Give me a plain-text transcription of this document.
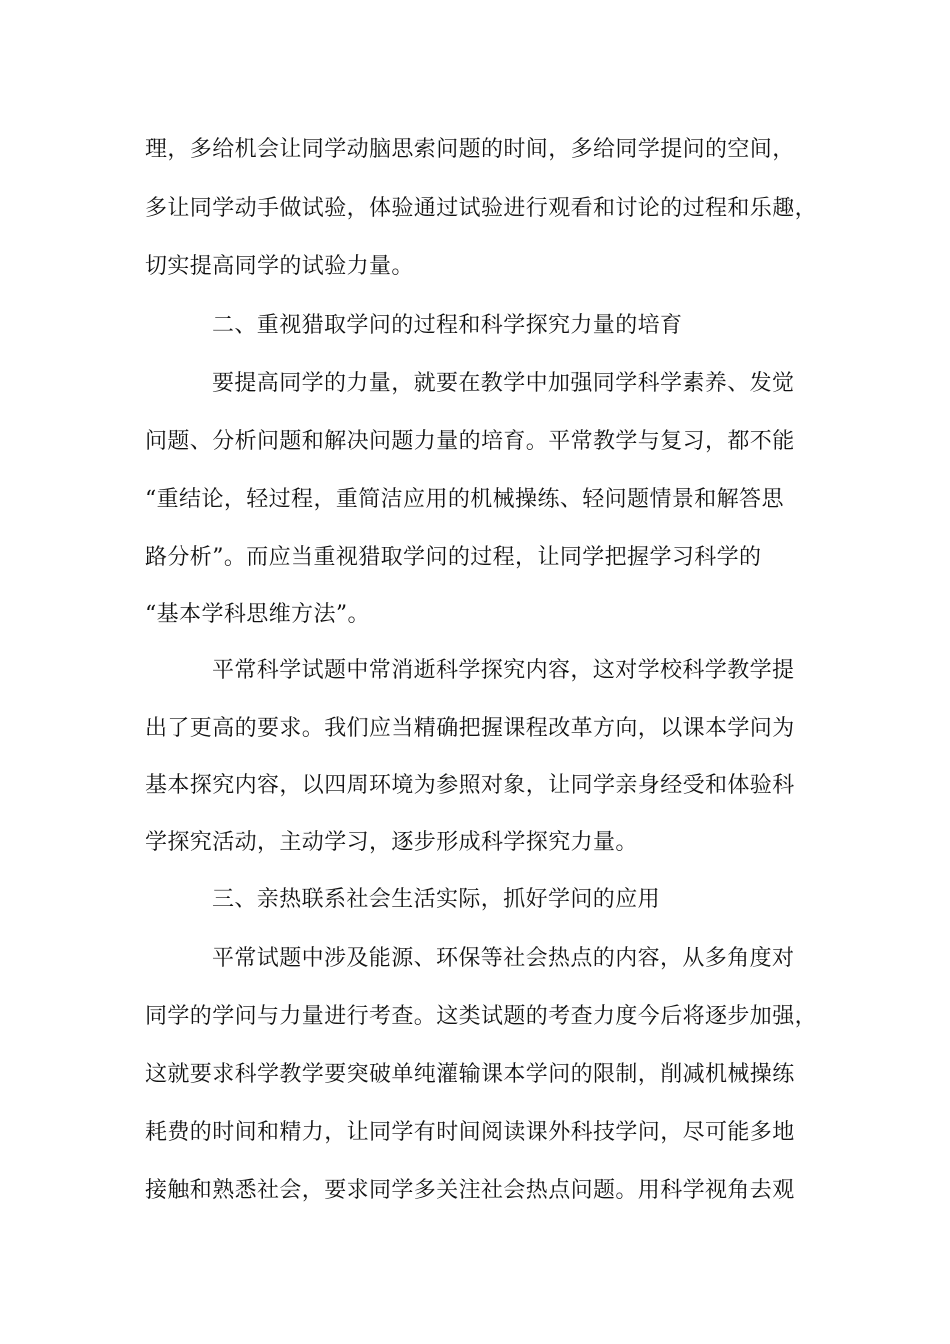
理，多给机会让同学动脑思索问题的时间，多给同学提问的空间，
多让同学动手做试验，体验通过试验进行观看和讨论的过程和乐趣，
切实提高同学的试验力量。
二、重视猎取学问的过程和科学探究力量的培育
要提高同学的力量，就要在教学中加强同学科学素养、发觉
问题、分析问题和解决问题力量的培育。平常教学与复习，都不能
“重结论，轻过程，重简洁应用的机械操练、轻问题情景和解答思
路分析”。而应当重视猎取学问的过程，让同学把握学习科学的
“基本学科思维方法”。
平常科学试题中常消逝科学探究内容，这对学校科学教学提
出了更高的要求。我们应当精确把握课程改革方向，以课本学问为
基本探究内容，以四周环境为参照对象，让同学亲身经受和体验科
学探究活动，主动学习，逐步形成科学探究力量。
三、亲热联系社会生活实际，抓好学问的应用
平常试题中涉及能源、环保等社会热点的内容，从多角度对
同学的学问与力量进行考查。这类试题的考查力度今后将逐步加强，
这就要求科学教学要突破单纯灌输课本学问的限制，削减机械操练
耗费的时间和精力，让同学有时间阅读课外科技学问，尽可能多地
接触和熟悉社会，要求同学多关注社会热点问题。用科学视角去观
